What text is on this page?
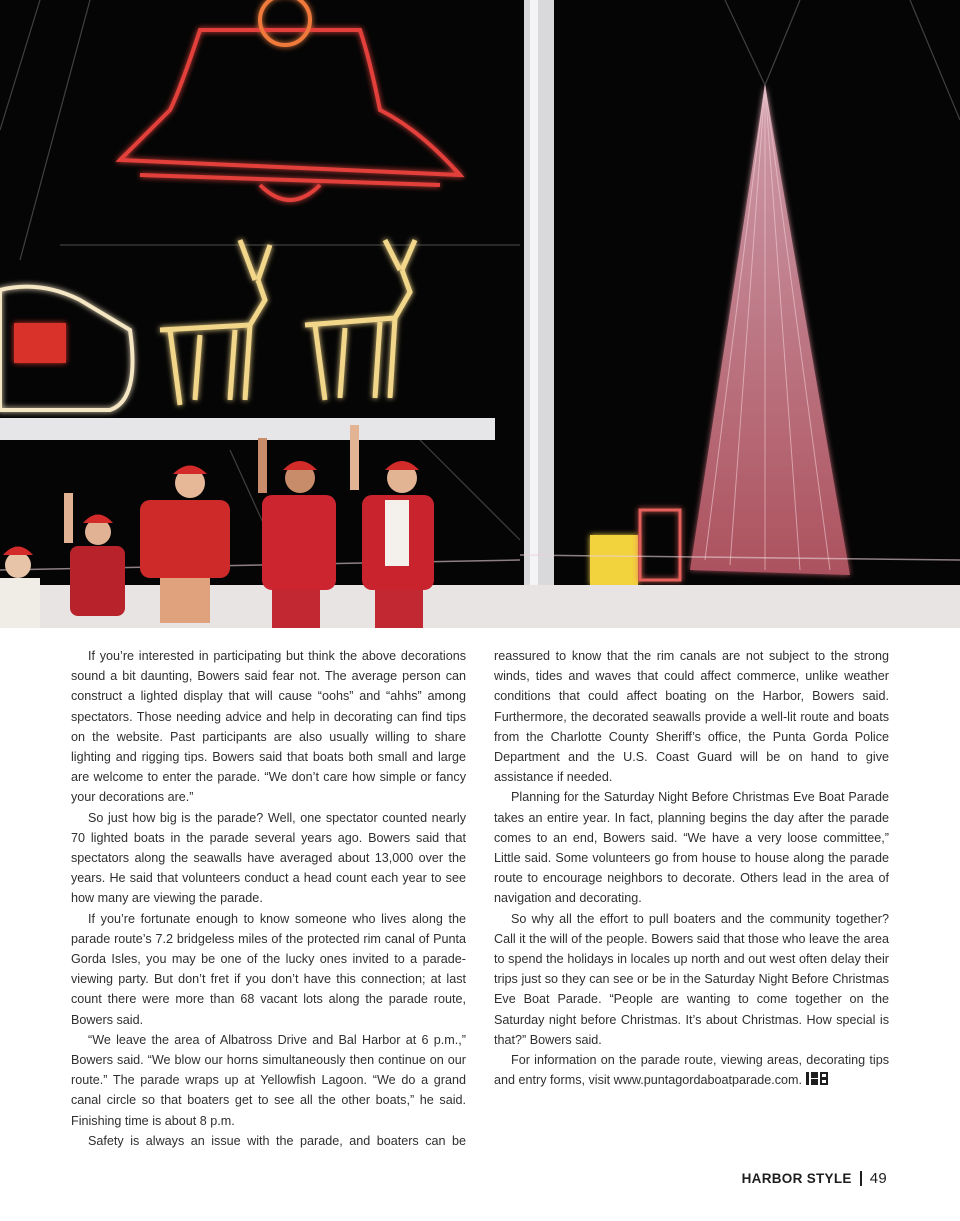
If you’re interested in participating but think the above decorations sound a bit daunting, Bowers said fear not. The average person can construct a lighted display that will cause “oohs” and “ahhs” among spectators. Those needing advice and help in decorating can find tips on the website. Past participants are also usually willing to share lighting and rigging tips. Bowers said that boats both small and large are welcome to enter the parade. “We don’t care how simple or fancy your decorations are.”

So just how big is the parade? Well, one spectator counted nearly 70 lighted boats in the parade several years ago. Bowers said that spectators along the seawalls have averaged about 13,000 over the years. He said that volunteers conduct a head count each year to see how many are viewing the parade.

If you’re fortunate enough to know someone who lives along the parade route’s 7.2 bridgeless miles of the protected rim canal of Punta Gorda Isles, you may be one of the lucky ones invited to a parade-viewing party. But don’t fret if you don’t have this connection; at last count there were more than 68 vacant lots along the parade route, Bowers said.

“We leave the area of Albatross Drive and Bal Harbor at 6 p.m.,” Bowers said. “We blow our horns simultaneously then continue on our route.” The parade wraps up at Yellowfish Lagoon. “We do a grand canal circle so that boaters get to see all the other boats,” he said. Finishing time is about 8 p.m.

Safety is always an issue with the parade, and boaters can be

reassured to know that the rim canals are not subject to the strong winds, tides and waves that could affect commerce, unlike weather conditions that could affect boating on the Harbor, Bowers said. Furthermore, the decorated seawalls provide a well-lit route and boats from the Charlotte County Sheriff’s office, the Punta Gorda Police Department and the U.S. Coast Guard will be on hand to give assistance if needed.

Planning for the Saturday Night Before Christmas Eve Boat Parade takes an entire year. In fact, planning begins the day after the parade comes to an end, Bowers said. “We have a very loose committee,” Little said. Some volunteers go from house to house along the parade route to encourage neighbors to decorate. Others lead in the area of navigation and decorating.

So why all the effort to pull boaters and the community together? Call it the will of the people. Bowers said that those who leave the area to spend the holidays in locales up north and out west often delay their trips just so they can see or be in the Saturday Night Before Christmas Eve Boat Parade. “People are wanting to come together on the Saturday night before Christmas. It’s about Christmas. How special is that?” Bowers said.

For information on the parade route, viewing areas, decorating tips and entry forms, visit www.puntagordaboatparade.com.

HARBOR STYLE 49
